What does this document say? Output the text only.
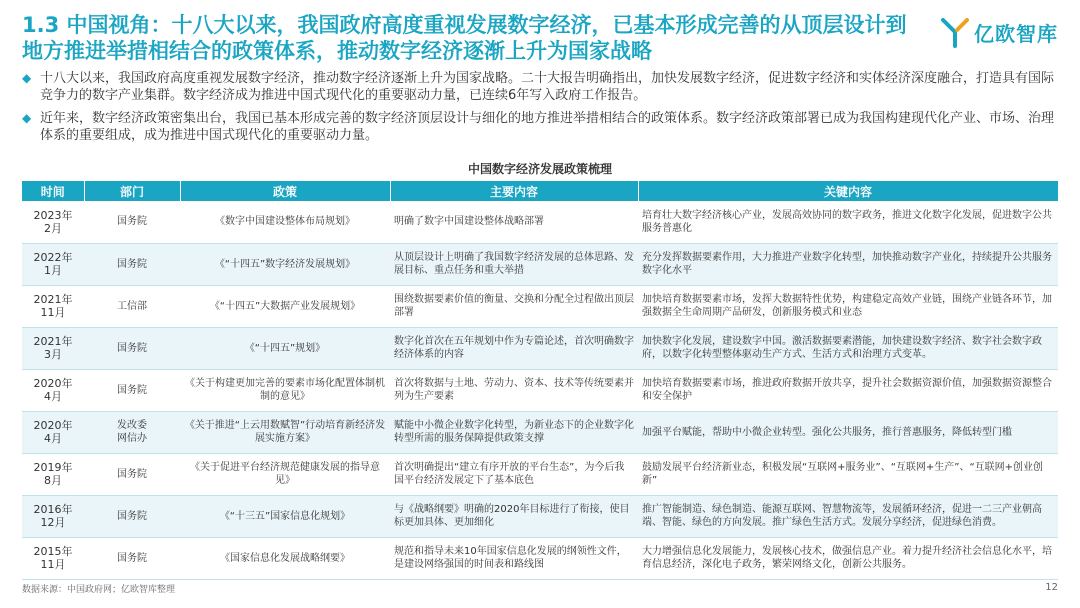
1.3 中国视角：十八大以来，我国政府高度重视发展数字经济，已基本形成完善的从顶层设计到地方推进举措相结合的政策体系，推动数字经济逐渐上升为国家战略
亿欧智库
◆ 十八大以来，我国政府高度重视发展数字经济，推动数字经济逐渐上升为国家战略。二十大报告明确指出，加快发展数字经济，促进数字经济和实体经济深度融合，打造具有国际竞争力的数字产业集群。数字经济成为推进中国式现代化的重要驱动力量，已连续6年写入政府工作报告。
◆ 近年来，数字经济政策密集出台，我国已基本形成完善的数字经济顶层设计与细化的地方推进举措相结合的政策体系。数字经济政策部署已成为我国构建现代化产业、市场、治理体系的重要组成，成为推进中国式现代化的重要驱动力量。
中国数字经济发展政策梳理
时间	部门	政策	主要内容	关键内容
2023年
2月	国务院	《数字中国建设整体布局规划》	明确了数字中国建设整体战略部署	培育壮大数字经济核心产业，发展高效协同的数字政务，推进文化数字化发展，促进数字公共服务普惠化
2022年
1月	国务院	《“十四五”数字经济发展规划》	从顶层设计上明确了我国数字经济发展的总体思路、发展目标、重点任务和重大举措	充分发挥数据要素作用，大力推进产业数字化转型，加快推动数字产业化，持续提升公共服务数字化水平
2021年
11月	工信部	《“十四五”大数据产业发展规划》	围绕数据要素价值的衡量、交换和分配全过程做出顶层部署	加快培育数据要素市场，发挥大数据特性优势，构建稳定高效产业链，围绕产业链各环节，加强数据全生命周期产品研发，创新服务模式和业态
2021年
3月	国务院	《“十四五”规划》	数字化首次在五年规划中作为专篇论述，首次明确数字经济体系的内容	加快数字化发展，建设数字中国。激活数据要素潜能，加快建设数字经济、数字社会数字政府，以数字化转型整体驱动生产方式、生活方式和治理方式变革。
2020年
4月	国务院	《关于构建更加完善的要素市场化配置体制机制的意见》	首次将数据与土地、劳动力、资本、技术等传统要素并列为生产要素	加快培育数据要素市场，推进政府数据开放共享，提升社会数据资源价值，加强数据资源整合和安全保护
2020年
4月	发改委
网信办	《关于推进“上云用数赋智”行动培育新经济发展实施方案》	赋能中小微企业数字化转型，为新业态下的企业数字化转型所需的服务保障提供政策支撑	加强平台赋能，帮助中小微企业转型。强化公共服务，推行普惠服务，降低转型门槛
2019年
8月	国务院	《关于促进平台经济规范健康发展的指导意见》	首次明确提出“建立有序开放的平台生态”，为今后我国平台经济发展定下了基本底色	鼓励发展平台经济新业态，积极发展“互联网+服务业”、“互联网+生产”、“互联网+创业创新”
2016年
12月	国务院	《“十三五”国家信息化规划》	与《战略纲要》明确的2020年目标进行了衔接，使目标更加具体、更加细化	推广智能制造、绿色制造、能源互联网、智慧物流等，发展循环经济，促进一二三产业朝高端、智能、绿色的方向发展。推广绿色生活方式。发展分享经济，促进绿色消费。
2015年
11月	国务院	《国家信息化发展战略纲要》	规范和指导未来10年国家信息化发展的纲领性文件，是建设网络强国的时间表和路线图	大力增强信息化发展能力，发展核心技术，做强信息产业。着力提升经济社会信息化水平，培育信息经济，深化电子政务，繁荣网络文化，创新公共服务。
数据来源：中国政府网；亿欧智库整理	12
